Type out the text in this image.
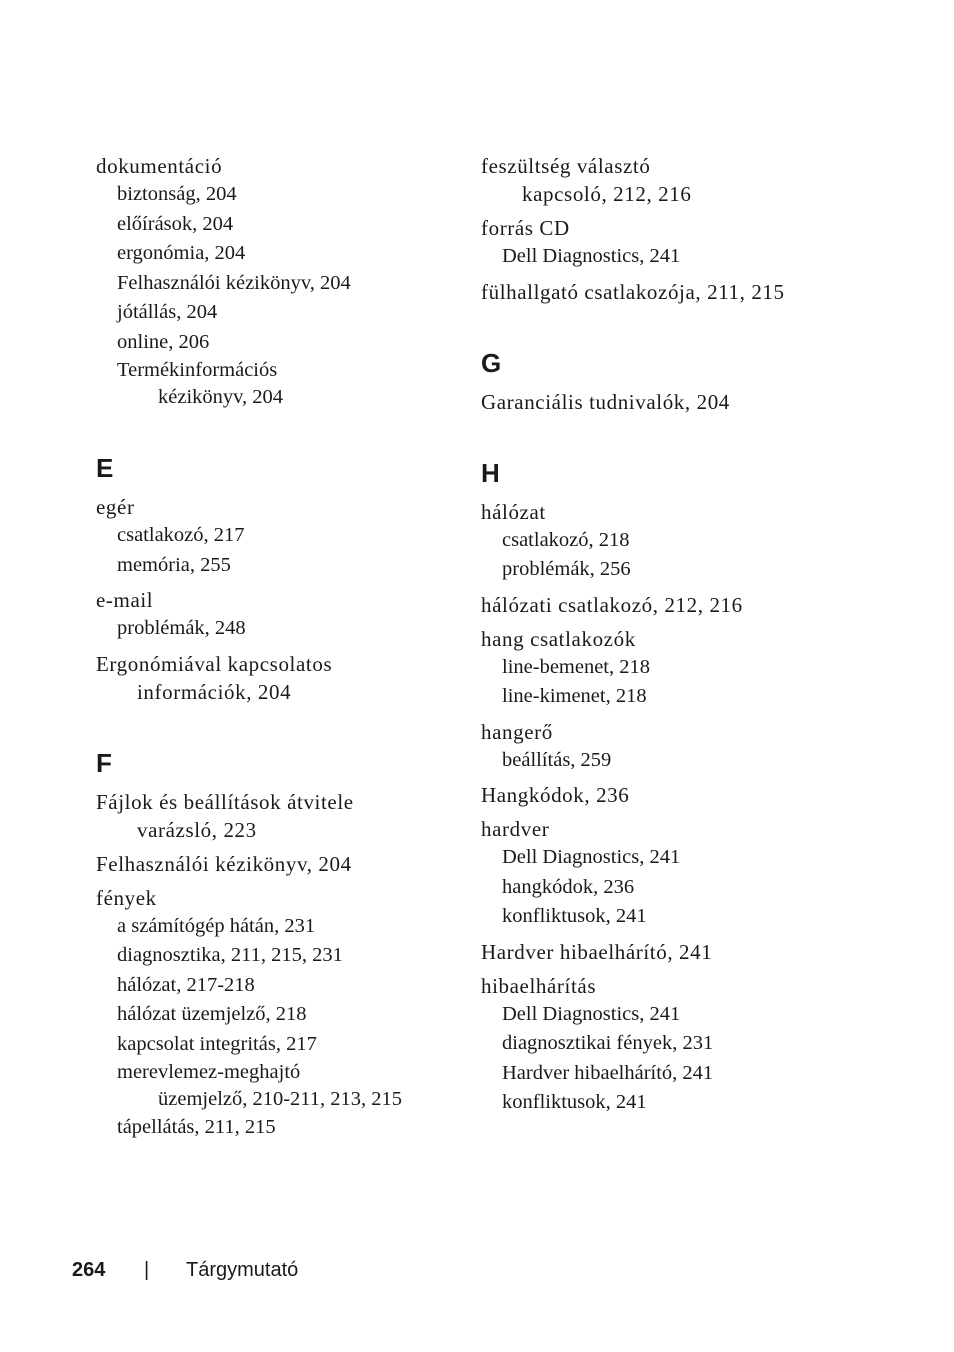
dokumentáció
biztonság, 204
előírások, 204
ergonómia, 204
Felhasználói kézikönyv, 204
jótállás, 204
online, 206
Termékinformációs
kézikönyv, 204
E
egér
csatlakozó, 217
memória, 255
e-mail
problémák, 248
Ergonómiával kapcsolatos
információk, 204
F
Fájlok és beállítások átvitele
varázsló, 223
Felhasználói kézikönyv, 204
fények
a számítógép hátán, 231
diagnosztika, 211, 215, 231
hálózat, 217-218
hálózat üzemjelző, 218
kapcsolat integritás, 217
merevlemez-meghajtó
üzemjelző, 210-211, 213, 215
tápellátás, 211, 215
feszültség választó
kapcsoló, 212, 216
forrás CD
Dell Diagnostics, 241
fülhallgató csatlakozója, 211, 215
G
Garanciális tudnivalók, 204
H
hálózat
csatlakozó, 218
problémák, 256
hálózati csatlakozó, 212, 216
hang csatlakozók
line-bemenet, 218
line-kimenet, 218
hangerő
beállítás, 259
Hangkódok, 236
hardver
Dell Diagnostics, 241
hangkódok, 236
konfliktusok, 241
Hardver hibaelhárító, 241
hibaelhárítás
Dell Diagnostics, 241
diagnosztikai fények, 231
Hardver hibaelhárító, 241
konfliktusok, 241
264 | Tárgymutató
